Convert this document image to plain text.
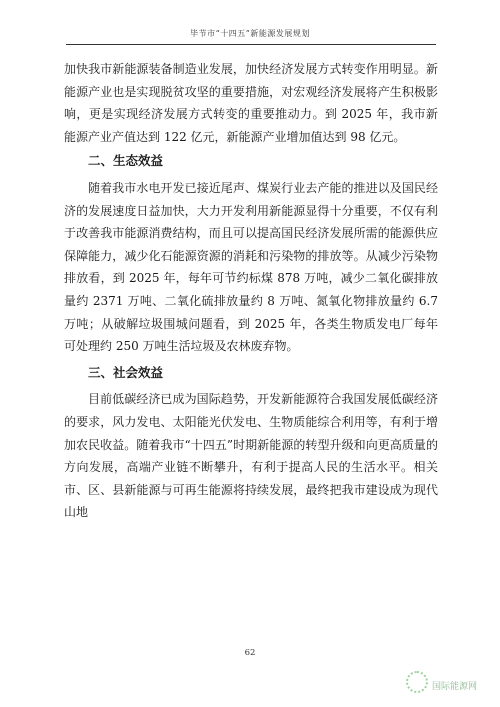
毕节市“十四五”新能源发展规划

加快我市新能源装备制造业发展，加快经济发展方式转变作用明显。新能源产业也是实现脱贫攻坚的重要措施，对宏观经济发展将产生积极影响，更是实现经济发展方式转变的重要推动力。到 2025 年，我市新能源产业产值达到 122 亿元，新能源产业增加值达到 98 亿元。

二、生态效益

随着我市水电开发已接近尾声、煤炭行业去产能的推进以及国民经济的发展速度日益加快，大力开发利用新能源显得十分重要，不仅有利于改善我市能源消费结构，而且可以提高国民经济发展所需的能源供应保障能力，减少化石能源资源的消耗和污染物的排放等。从减少污染物排放看，到 2025 年，每年可节约标煤 878 万吨，减少二氧化碳排放量约 2371 万吨、二氧化硫排放量约 8 万吨、氮氧化物排放量约 6.7 万吨；从破解垃圾围城问题看，到 2025 年，各类生物质发电厂每年可处理约 250 万吨生活垃圾及农林废弃物。

三、社会效益

目前低碳经济已成为国际趋势，开发新能源符合我国发展低碳经济的要求，风力发电、太阳能光伏发电、生物质能综合利用等，有利于增加农民收益。随着我市“十四五”时期新能源的转型升级和向更高质量的方向发展，高端产业链不断攀升，有利于提高人民的生活水平。相关市、区、县新能源与可再生能源将持续发展，最终把我市建设成为现代山地

62
国际能源网
